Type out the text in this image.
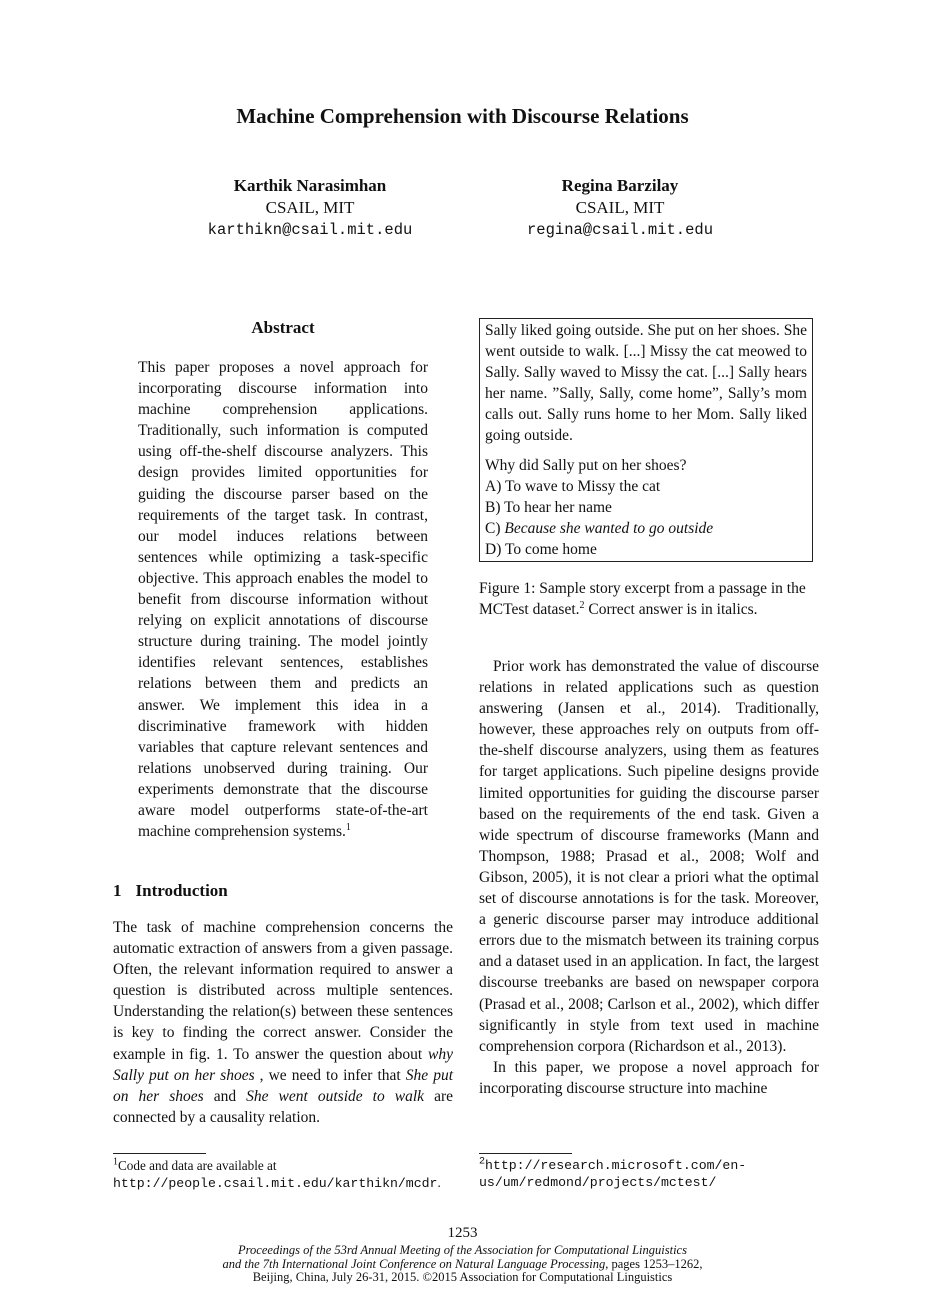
Machine Comprehension with Discourse Relations
Karthik Narasimhan
CSAIL, MIT
karthikn@csail.mit.edu
Regina Barzilay
CSAIL, MIT
regina@csail.mit.edu
Abstract
This paper proposes a novel approach for incorporating discourse information into machine comprehension applications. Traditionally, such information is computed using off-the-shelf discourse analyzers. This design provides limited opportunities for guiding the discourse parser based on the requirements of the target task. In contrast, our model induces relations between sentences while optimizing a task-specific objective. This approach enables the model to benefit from discourse information without relying on explicit annotations of discourse structure during training. The model jointly identifies relevant sentences, establishes relations between them and predicts an answer. We implement this idea in a discriminative framework with hidden variables that capture relevant sentences and relations unobserved during training. Our experiments demonstrate that the discourse aware model outperforms state-of-the-art machine comprehension systems.$^1$
1 Introduction
The task of machine comprehension concerns the automatic extraction of answers from a given passage. Often, the relevant information required to answer a question is distributed across multiple sentences. Understanding the relation(s) between these sentences is key to finding the correct answer. Consider the example in fig. 1. To answer the question about why Sally put on her shoes , we need to infer that She put on her shoes and She went outside to walk are connected by a causality relation.
Sally liked going outside. She put on her shoes. She went outside to walk. [...] Missy the cat meowed to Sally. Sally waved to Missy the cat. [...] Sally hears her name. ”Sally, Sally, come home”, Sally’s mom calls out. Sally runs home to her Mom. Sally liked going outside.
Why did Sally put on her shoes?
A) To wave to Missy the cat
B) To hear her name
C) Because she wanted to go outside
D) To come home
Figure 1: Sample story excerpt from a passage in the MCTest dataset.$^2$ Correct answer is in italics.

Prior work has demonstrated the value of discourse relations in related applications such as question answering (Jansen et al., 2014). Traditionally, however, these approaches rely on outputs from off-the-shelf discourse analyzers, using them as features for target applications. Such pipeline designs provide limited opportunities for guiding the discourse parser based on the requirements of the end task. Given a wide spectrum of discourse frameworks (Mann and Thompson, 1988; Prasad et al., 2008; Wolf and Gibson, 2005), it is not clear a priori what the optimal set of discourse annotations is for the task. Moreover, a generic discourse parser may introduce additional errors due to the mismatch between its training corpus and a dataset used in an application. In fact, the largest discourse treebanks are based on newspaper corpora (Prasad et al., 2008; Carlson et al., 2002), which differ significantly in style from text used in machine comprehension corpora (Richardson et al., 2013).

In this paper, we propose a novel approach for incorporating discourse structure into machine

$^1$Code and data are available at http://people.csail.mit.edu/karthikn/mcdr.
$^2$http://research.microsoft.com/en-us/um/redmond/projects/mctest/
1253
Proceedings of the 53rd Annual Meeting of the Association for Computational Linguistics
and the 7th International Joint Conference on Natural Language Processing, pages 1253–1262,
Beijing, China, July 26-31, 2015. ©2015 Association for Computational Linguistics
